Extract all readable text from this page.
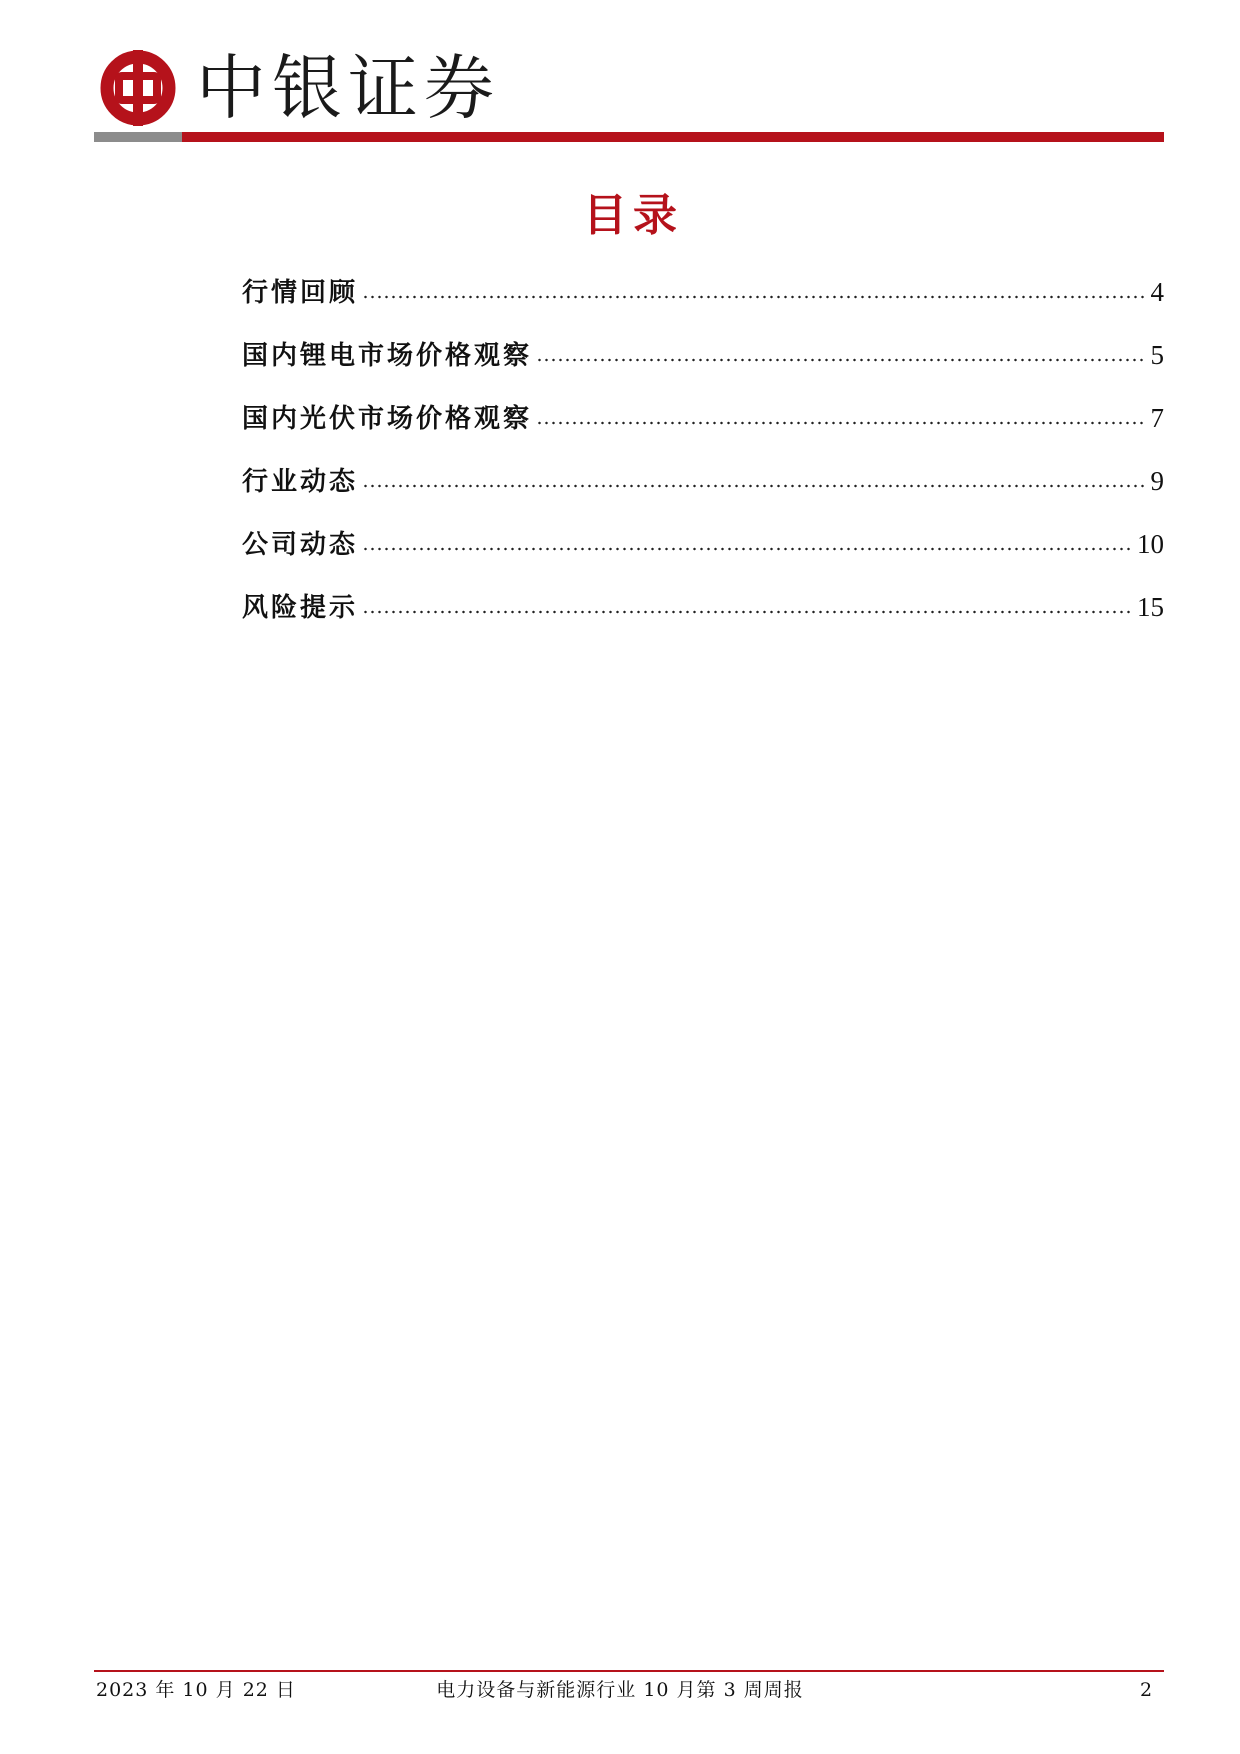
中银证券
目录
行情回顾	4
国内锂电市场价格观察	5
国内光伏市场价格观察	7
行业动态	9
公司动态	10
风险提示	15
2023 年 10 月 22 日	电力设备与新能源行业 10 月第 3 周周报	2
